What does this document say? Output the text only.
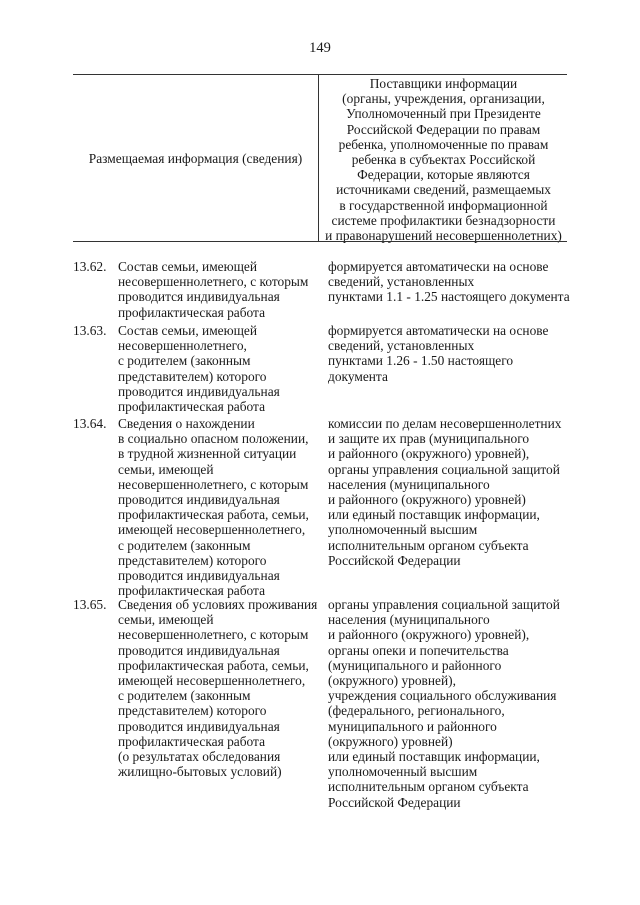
149
Размещаемая информация (сведения)
Поставщики информации
(органы, учреждения, организации,
Уполномоченный при Президенте
Российской Федерации по правам
ребенка, уполномоченные по правам
ребенка в субъектах Российской
Федерации, которые являются
источниками сведений, размещаемых
в государственной информационной
системе профилактики безнадзорности
и правонарушений несовершеннолетних)
13.62. Состав семьи, имеющей
несовершеннолетнего, с которым
проводится индивидуальная
профилактическая работа
формируется автоматически на основе
сведений, установленных
пунктами 1.1 - 1.25 настоящего документа
13.63. Состав семьи, имеющей
несовершеннолетнего,
с родителем (законным
представителем) которого
проводится индивидуальная
профилактическая работа
формируется автоматически на основе
сведений, установленных
пунктами 1.26 - 1.50 настоящего
документа
13.64. Сведения о нахождении
в социально опасном положении,
в трудной жизненной ситуации
семьи, имеющей
несовершеннолетнего, с которым
проводится индивидуальная
профилактическая работа, семьи,
имеющей несовершеннолетнего,
с родителем (законным
представителем) которого
проводится индивидуальная
профилактическая работа
комиссии по делам несовершеннолетних
и защите их прав (муниципального
и районного (окружного) уровней),
органы управления социальной защитой
населения (муниципального
и районного (окружного) уровней)
или единый поставщик информации,
уполномоченный высшим
исполнительным органом субъекта
Российской Федерации
13.65. Сведения об условиях проживания
семьи, имеющей
несовершеннолетнего, с которым
проводится индивидуальная
профилактическая работа, семьи,
имеющей несовершеннолетнего,
с родителем (законным
представителем) которого
проводится индивидуальная
профилактическая работа
(о результатах обследования
жилищно-бытовых условий)
органы управления социальной защитой
населения (муниципального
и районного (окружного) уровней),
органы опеки и попечительства
(муниципального и районного
(окружного) уровней),
учреждения социального обслуживания
(федерального, регионального,
муниципального и районного
(окружного) уровней)
или единый поставщик информации,
уполномоченный высшим
исполнительным органом субъекта
Российской Федерации
